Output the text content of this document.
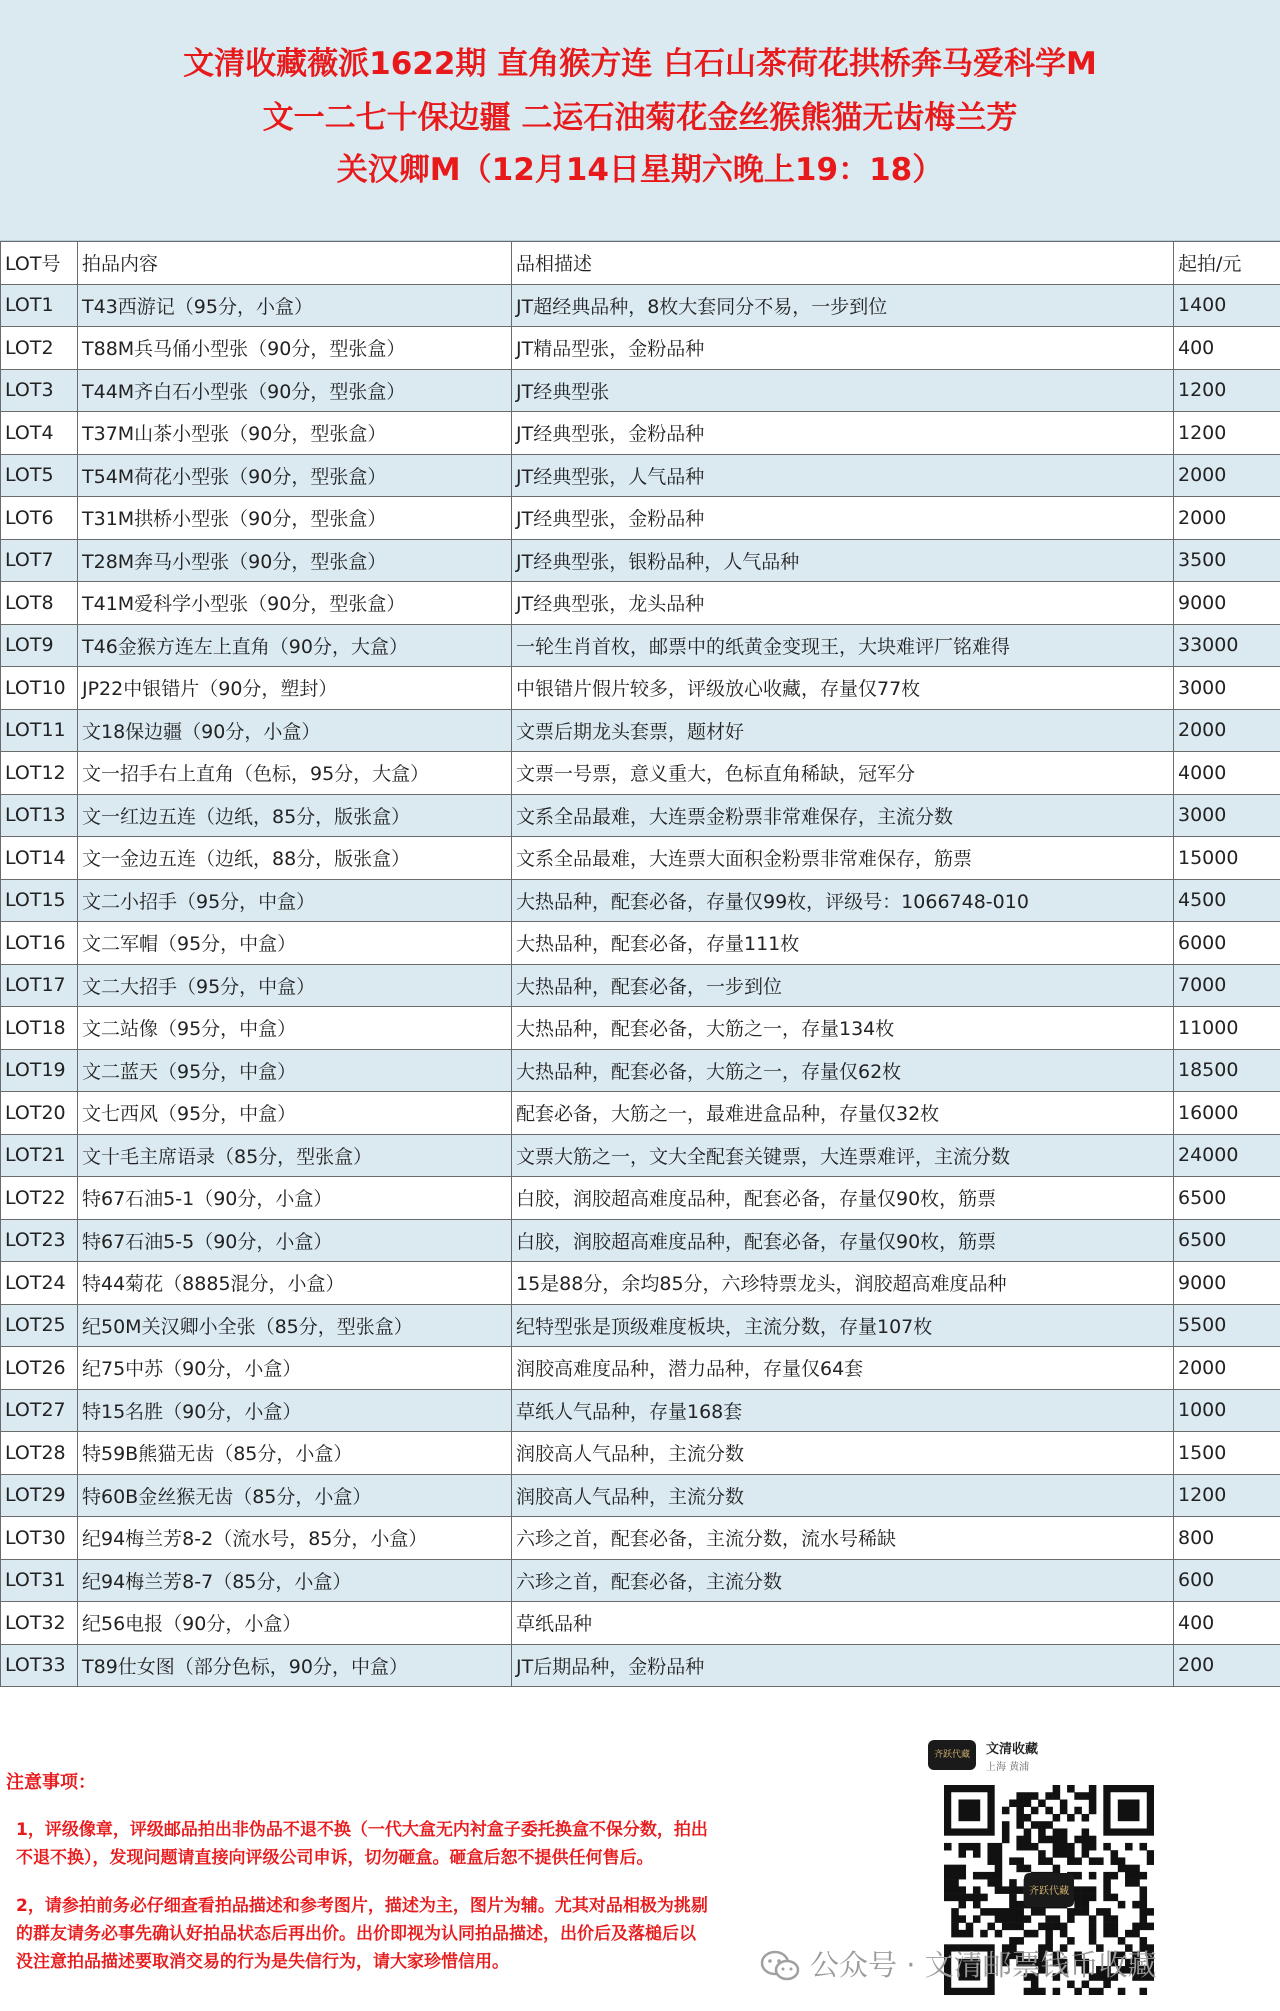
文清收藏薇派1622期 直角猴方连 白石山茶荷花拱桥奔马爱科学M
文一二七十保边疆 二运石油菊花金丝猴熊猫无齿梅兰芳
关汉卿M（12月14日星期六晚上19：18）
LOT号	拍品内容	品相描述	起拍/元
LOT1	T43西游记（95分，小盒）	JT超经典品种，8枚大套同分不易，一步到位	1400
LOT2	T88M兵马俑小型张（90分，型张盒）	JT精品型张，金粉品种	400
LOT3	T44M齐白石小型张（90分，型张盒）	JT经典型张	1200
LOT4	T37M山茶小型张（90分，型张盒）	JT经典型张，金粉品种	1200
LOT5	T54M荷花小型张（90分，型张盒）	JT经典型张，人气品种	2000
LOT6	T31M拱桥小型张（90分，型张盒）	JT经典型张，金粉品种	2000
LOT7	T28M奔马小型张（90分，型张盒）	JT经典型张，银粉品种，人气品种	3500
LOT8	T41M爱科学小型张（90分，型张盒）	JT经典型张，龙头品种	9000
LOT9	T46金猴方连左上直角（90分，大盒）	一轮生肖首枚，邮票中的纸黄金变现王，大块难评厂铭难得	33000
LOT10	JP22中银错片（90分，塑封）	中银错片假片较多，评级放心收藏，存量仅77枚	3000
LOT11	文18保边疆（90分，小盒）	文票后期龙头套票，题材好	2000
LOT12	文一招手右上直角（色标，95分，大盒）	文票一号票，意义重大，色标直角稀缺，冠军分	4000
LOT13	文一红边五连（边纸，85分，版张盒）	文系全品最难，大连票金粉票非常难保存，主流分数	3000
LOT14	文一金边五连（边纸，88分，版张盒）	文系全品最难，大连票大面积金粉票非常难保存，筋票	15000
LOT15	文二小招手（95分，中盒）	大热品种，配套必备，存量仅99枚，评级号：1066748-010	4500
LOT16	文二军帽（95分，中盒）	大热品种，配套必备，存量111枚	6000
LOT17	文二大招手（95分，中盒）	大热品种，配套必备，一步到位	7000
LOT18	文二站像（95分，中盒）	大热品种，配套必备，大筋之一，存量134枚	11000
LOT19	文二蓝天（95分，中盒）	大热品种，配套必备，大筋之一，存量仅62枚	18500
LOT20	文七西风（95分，中盒）	配套必备，大筋之一，最难进盒品种，存量仅32枚	16000
LOT21	文十毛主席语录（85分，型张盒）	文票大筋之一，文大全配套关键票，大连票难评，主流分数	24000
LOT22	特67石油5-1（90分，小盒）	白胶，润胶超高难度品种，配套必备，存量仅90枚，筋票	6500
LOT23	特67石油5-5（90分，小盒）	白胶，润胶超高难度品种，配套必备，存量仅90枚，筋票	6500
LOT24	特44菊花（8885混分，小盒）	15是88分，余均85分，六珍特票龙头，润胶超高难度品种	9000
LOT25	纪50M关汉卿小全张（85分，型张盒）	纪特型张是顶级难度板块，主流分数，存量107枚	5500
LOT26	纪75中苏（90分，小盒）	润胶高难度品种，潜力品种，存量仅64套	2000
LOT27	特15名胜（90分，小盒）	草纸人气品种，存量168套	1000
LOT28	特59B熊猫无齿（85分，小盒）	润胶高人气品种，主流分数	1500
LOT29	特60B金丝猴无齿（85分，小盒）	润胶高人气品种，主流分数	1200
LOT30	纪94梅兰芳8-2（流水号，85分，小盒）	六珍之首，配套必备，主流分数，流水号稀缺	800
LOT31	纪94梅兰芳8-7（85分，小盒）	六珍之首，配套必备，主流分数	600
LOT32	纪56电报（90分，小盒）	草纸品种	400
LOT33	T89仕女图（部分色标，90分，中盒）	JT后期品种，金粉品种	200
注意事项：
1，评级像章，评级邮品拍出非伪品不退不换（一代大盒无内衬盒子委托换盒不保分数，拍出
不退不换），发现问题请直接向评级公司申诉，切勿砸盒。砸盒后恕不提供任何售后。
2，请参拍前务必仔细查看拍品描述和参考图片，描述为主，图片为辅。尤其对品相极为挑剔
的群友请务必事先确认好拍品状态后再出价。出价即视为认同拍品描述，出价后及落槌后以
没注意拍品描述要取消交易的行为是失信行为，请大家珍惜信用。
齐跃代藏	文清收藏
上海 黄浦
齐跃代藏
公众号 · 文清邮票钱币收藏
